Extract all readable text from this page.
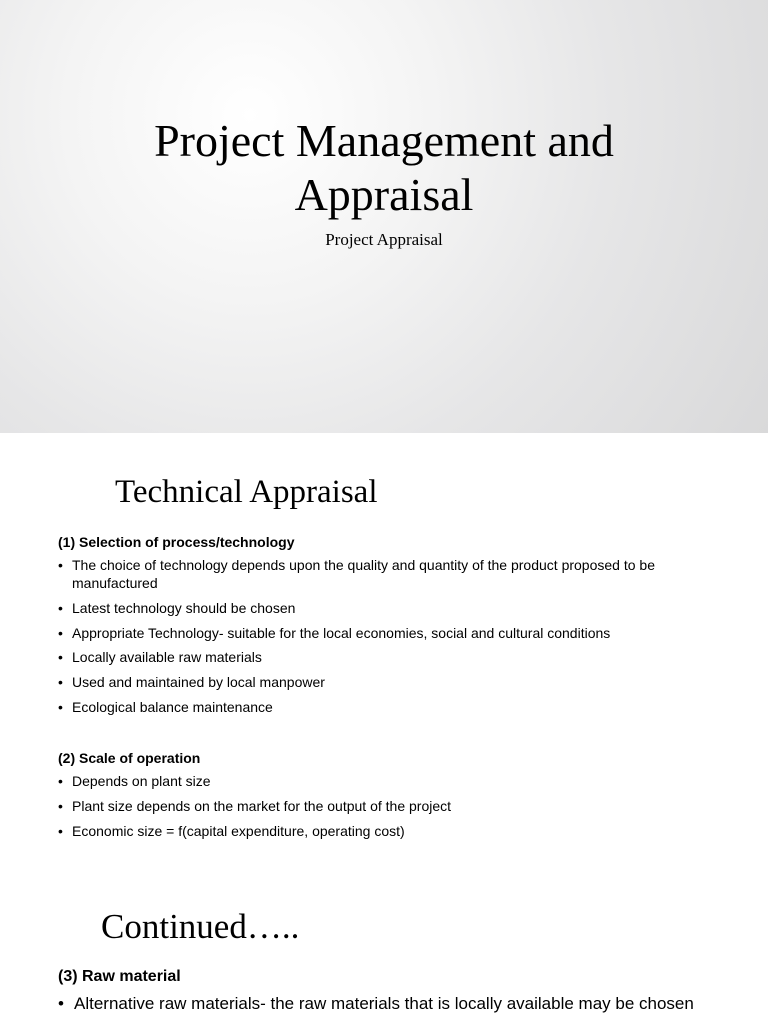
Project Management and
Appraisal
Project Appraisal
Technical Appraisal
(1) Selection of process/technology
• The choice of technology depends upon the quality and quantity of the product proposed to be manufactured
• Latest technology should be chosen
• Appropriate Technology- suitable for the local economies, social and cultural conditions
• Locally available raw materials
• Used and maintained by local manpower
• Ecological balance maintenance
(2) Scale of operation
• Depends on plant size
• Plant size depends on the market for the output of the project
• Economic size = f(capital expenditure, operating cost)
Continued…..
(3) Raw material
• Alternative raw materials- the raw materials that is locally available may be chosen
